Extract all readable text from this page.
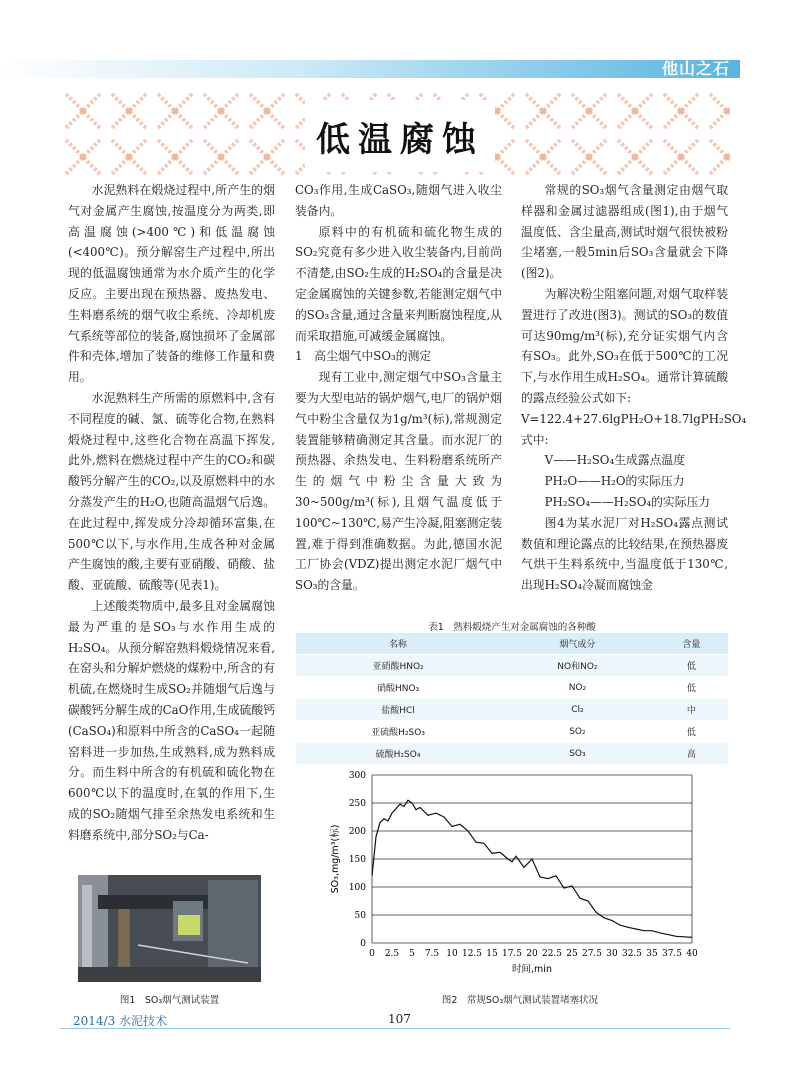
他山之石
低温腐蚀

水泥熟料在煅烧过程中,所产生的烟气对金属产生腐蚀,按温度分为两类,即高温腐蚀(>400℃)和低温腐蚀(<400℃)。预分解窑生产过程中,所出现的低温腐蚀通常为水介质产生的化学反应。主要出现在预热器、废热发电、生料磨系统的烟气收尘系统、冷却机废气系统等部位的装备,腐蚀损坏了金属部件和壳体,增加了装备的维修工作量和费用。

水泥熟料生产所需的原燃料中,含有不同程度的碱、氯、硫等化合物,在熟料煅烧过程中,这些化合物在高温下挥发,此外,燃料在燃烧过程中产生的CO₂和碳酸钙分解产生的CO₂,以及原燃料中的水分蒸发产生的H₂O,也随高温烟气后逸。在此过程中,挥发成分冷却循环富集,在500℃以下,与水作用,生成各种对金属产生腐蚀的酸,主要有亚硝酸、硝酸、盐酸、亚硫酸、硫酸等(见表1)。

上述酸类物质中,最多且对金属腐蚀最为严重的是SO₃与水作用生成的H₂SO₄。从预分解窑熟料煅烧情况来看,在窑头和分解炉燃烧的煤粉中,所含的有机硫,在燃烧时生成SO₂并随烟气后逸与碳酸钙分解生成的CaO作用,生成硫酸钙(CaSO₄)和原料中所含的CaSO₄一起随窑料进一步加热,生成熟料,成为熟料成分。而生料中所含的有机硫和硫化物在600℃以下的温度时,在氧的作用下,生成的SO₂随烟气排至余热发电系统和生料磨系统中,部分SO₂与Ca-

CO₃作用,生成CaSO₃,随烟气进入收尘装备内。

原料中的有机硫和硫化物生成的SO₂究竟有多少进入收尘装备内,目前尚不清楚,由SO₂生成的H₂SO₄的含量是决定金属腐蚀的关键参数,若能测定烟气中的SO₃含量,通过含量来判断腐蚀程度,从而采取措施,可减缓金属腐蚀。

1　高尘烟气中SO₃的测定

现有工业中,测定烟气中SO₃含量主要为大型电站的锅炉烟气,电厂的锅炉烟气中粉尘含量仅为1g/m³(标),常规测定装置能够精确测定其含量。而水泥厂的预热器、余热发电、生料粉磨系统所产生的烟气中粉尘含量大致为30~500g/m³(标),且烟气温度低于100℃~130℃,易产生冷凝,阻塞测定装置,难于得到准确数据。为此,德国水泥工厂协会(VDZ)提出测定水泥厂烟气中SO₃的含量。

常规的SO₃烟气含量测定由烟气取样器和金属过滤器组成(图1),由于烟气温度低、含尘量高,测试时烟气很快被粉尘堵塞,一般5min后SO₃含量就会下降(图2)。

为解决粉尘阻塞问题,对烟气取样装置进行了改进(图3)。测试的SO₃的数值可达90mg/m³(标),充分证实烟气内含有SO₃。此外,SO₃在低于500℃的工况下,与水作用生成H₂SO₄。通常计算硫酸的露点经验公式如下:

V=122.4+27.6lgPH₂O+18.7lgPH₂SO₄

式中:

V——H₂SO₄生成露点温度

PH₂O——H₂O的实际压力

PH₂SO₄——H₂SO₄的实际压力

图4为某水泥厂对H₂SO₄露点测试数值和理论露点的比较结果,在预热器废气烘干生料系统中,当温度低于130℃,出现H₂SO₄冷凝而腐蚀金

表1　熟料煅烧产生对金属腐蚀的各种酸
名称	烟气成分	含量
亚硝酸HNO₂	NO和NO₂	低
硝酸HNO₃	NO₂	低
盐酸HCl	Cl₂	中
亚硫酸H₂SO₃	SO₂	低
硫酸H₂SO₄	SO₃	高
0
50
100
150
200
250
300
0 2.5 5 7.5 10 12.5 15 17.5 20 22.5 25 27.5 30 32.5 35 37.5 40
时间,min
SO₃,mg/m³(标)
图2　常规SO₃烟气测试装置堵塞状况
图1　SO₃烟气测试装置
2014/3 水泥技术	107
